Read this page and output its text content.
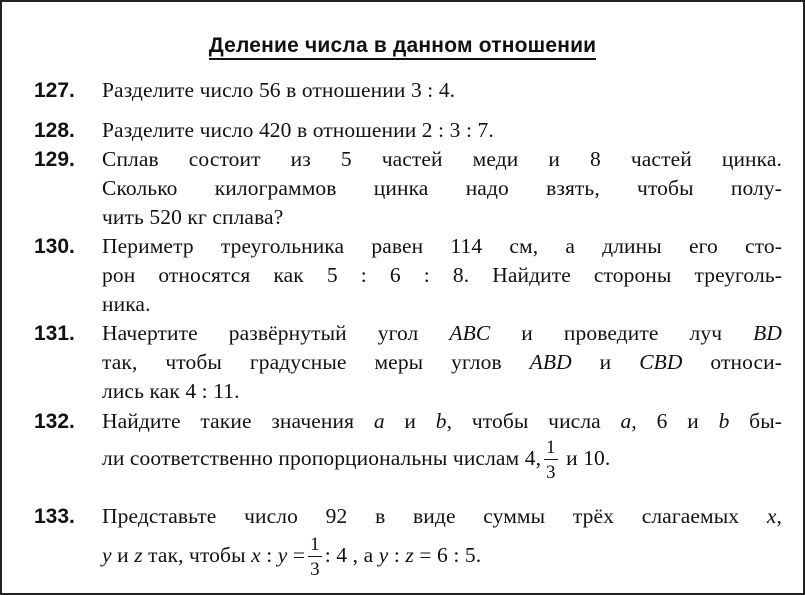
Деление числа в данном отношении
127.	Разделите число 56 в отношении 3 : 4.
128.	Разделите число 420 в отношении 2 : 3 : 7.
129.	Сплав состоит из 5 частей меди и 8 частей цинка.
Сколько килограммов цинка надо взять, чтобы полу-
чить 520 кг сплава?
130.	Периметр треугольника равен 114 см, а длины его сто-
рон относятся как 5 : 6 : 8. Найдите стороны треуголь-
ника.
131.	Начертите развёрнутый угол ABC и проведите луч BD
так, чтобы градусные меры углов ABD и CBD относи-
лись как 4 : 11.
132.	Найдите такие значения a и b, чтобы числа a, 6 и b бы-
ли соответственно пропорциональны числам 4, $\frac{1}{3}$ и 10.
133.	Представьте число 92 в виде суммы трёх слагаемых x,
y и z так, чтобы x : $y = \frac{1}{3}$ : 4 , а y : z = 6 : 5.
